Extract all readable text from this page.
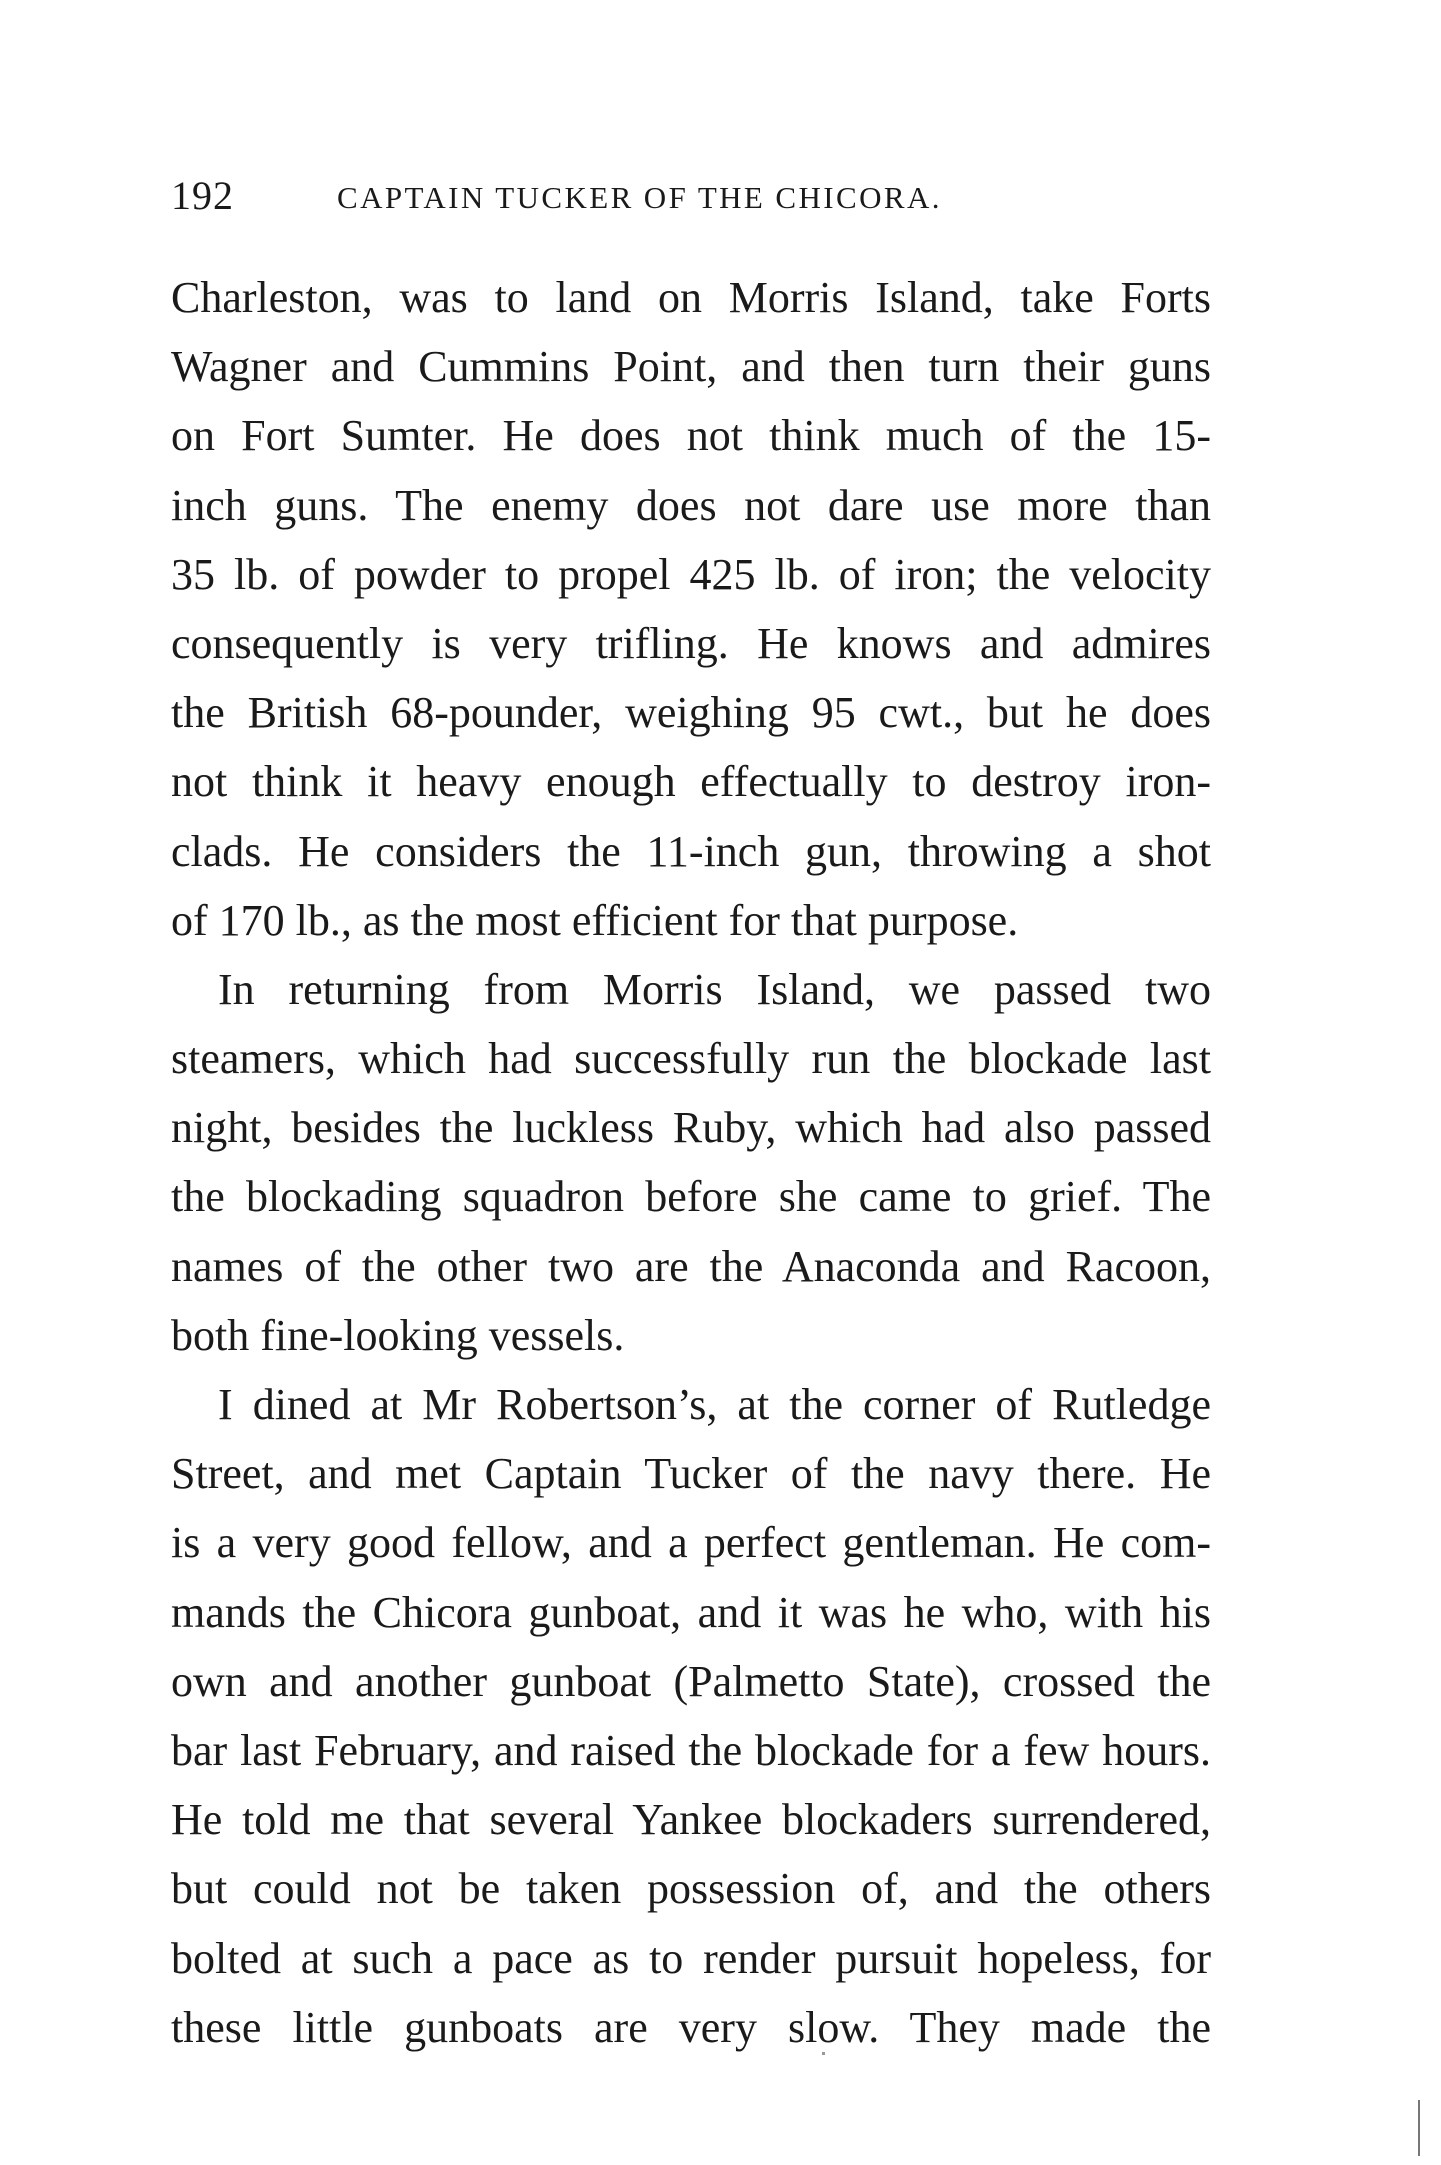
192	CAPTAIN TUCKER OF THE CHICORA.
Charleston, was to land on Morris Island, take Forts
Wagner and Cummins Point, and then turn their guns
on Fort Sumter. He does not think much of the 15-
inch guns. The enemy does not dare use more than
35 lb. of powder to propel 425 lb. of iron; the velocity
consequently is very trifling. He knows and admires
the British 68-pounder, weighing 95 cwt., but he does
not think it heavy enough effectually to destroy iron-
clads. He considers the 11-inch gun, throwing a shot
of 170 lb., as the most efficient for that purpose.
In returning from Morris Island, we passed two
steamers, which had successfully run the blockade last
night, besides the luckless Ruby, which had also passed
the blockading squadron before she came to grief. The
names of the other two are the Anaconda and Racoon,
both fine-looking vessels.
I dined at Mr Robertson’s, at the corner of Rutledge
Street, and met Captain Tucker of the navy there. He
is a very good fellow, and a perfect gentleman. He com-
mands the Chicora gunboat, and it was he who, with his
own and another gunboat (Palmetto State), crossed the
bar last February, and raised the blockade for a few hours.
He told me that several Yankee blockaders surrendered,
but could not be taken possession of, and the others
bolted at such a pace as to render pursuit hopeless, for
these little gunboats are very slow. They made the
